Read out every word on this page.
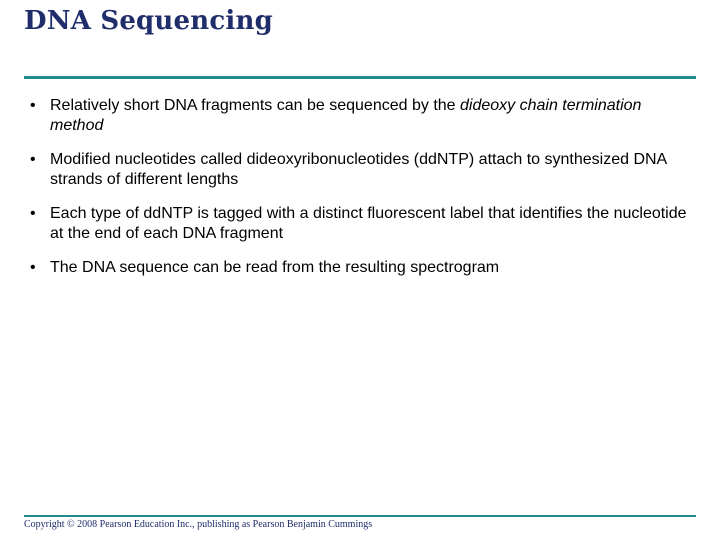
DNA Sequencing
• Relatively short DNA fragments can be sequenced by the dideoxy chain termination method
• Modified nucleotides called dideoxyribonucleotides (ddNTP) attach to synthesized DNA strands of different lengths
• Each type of ddNTP is tagged with a distinct fluorescent label that identifies the nucleotide at the end of each DNA fragment
• The DNA sequence can be read from the resulting spectrogram
Copyright © 2008 Pearson Education Inc., publishing as Pearson Benjamin Cummings
